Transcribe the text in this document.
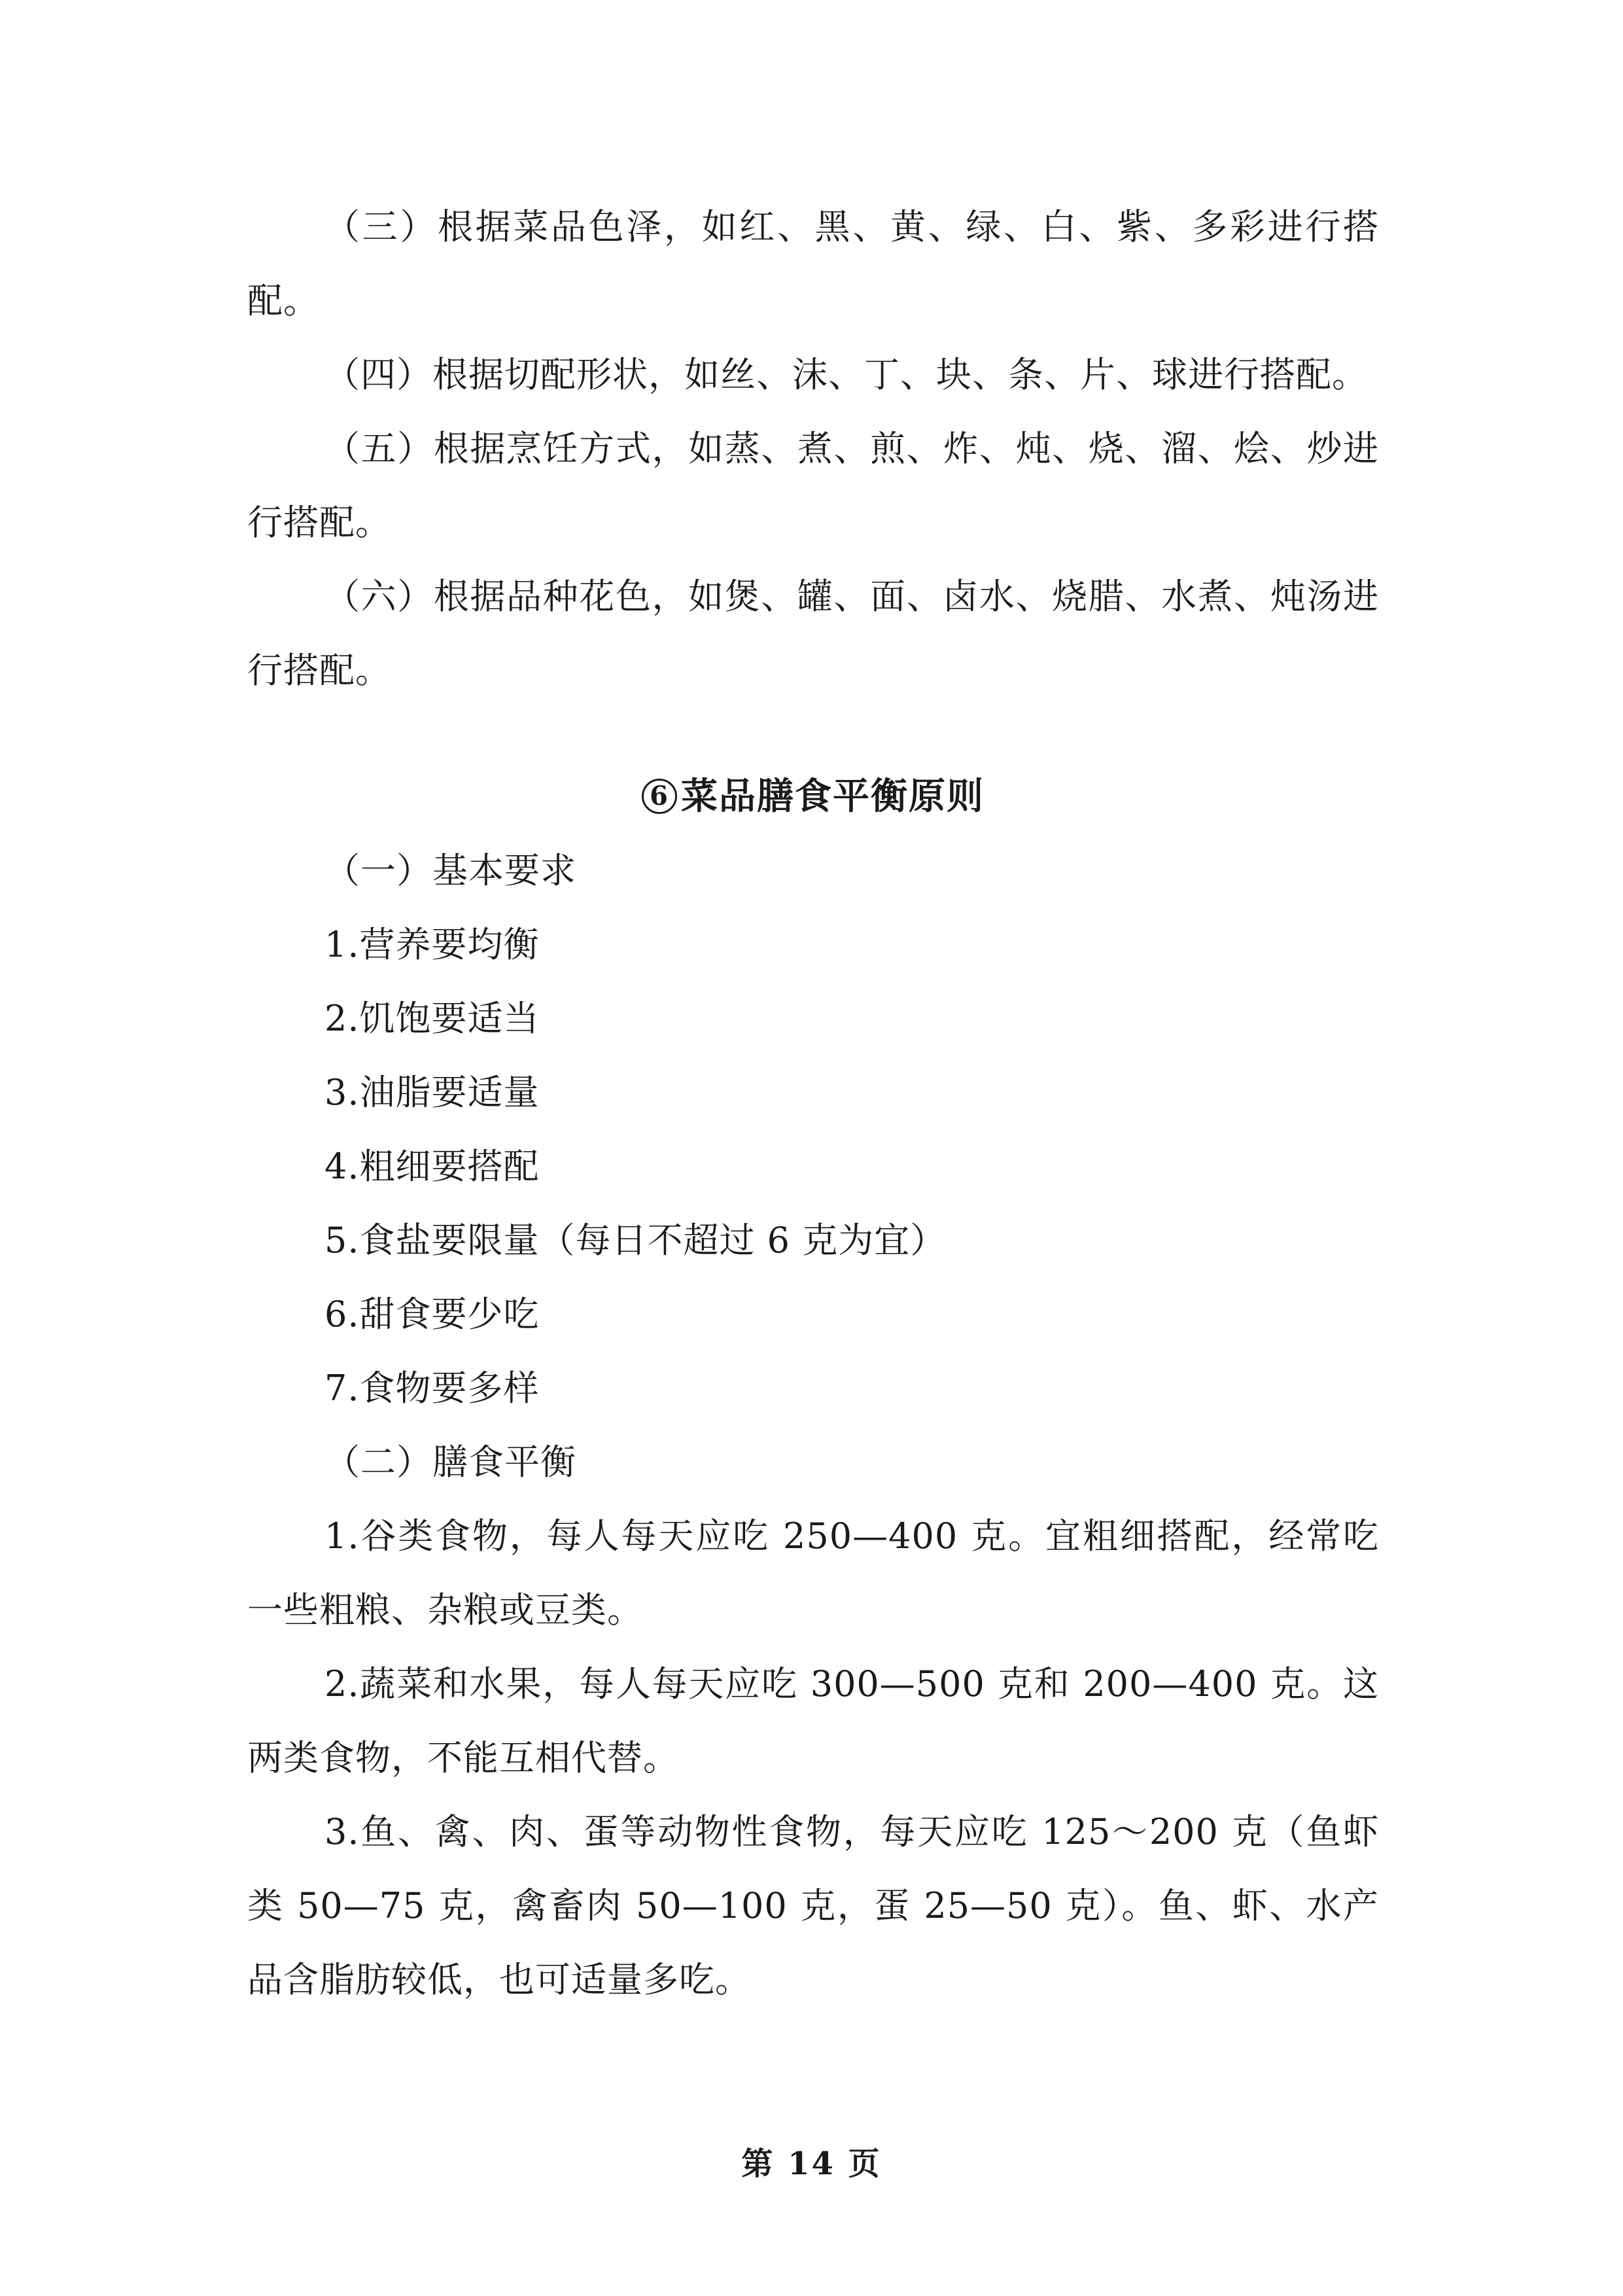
（三）根据菜品色泽，如红、黑、黄、绿、白、紫、多彩进行搭配。

（四）根据切配形状，如丝、沫、丁、块、条、片、球进行搭配。

（五）根据烹饪方式，如蒸、煮、煎、炸、炖、烧、溜、烩、炒进行搭配。

（六）根据品种花色，如煲、罐、面、卤水、烧腊、水煮、炖汤进行搭配。

6 菜品膳食平衡原则

（一）基本要求

1.营养要均衡

2.饥饱要适当

3.油脂要适量

4.粗细要搭配

5.食盐要限量（每日不超过 6 克为宜）

6.甜食要少吃

7.食物要多样

（二）膳食平衡

1.谷类食物，每人每天应吃 250—400 克。宜粗细搭配，经常吃一些粗粮、杂粮或豆类。

2.蔬菜和水果，每人每天应吃 300—500 克和 200—400 克。这两类食物，不能互相代替。

3.鱼、禽、肉、蛋等动物性食物，每天应吃 125～200 克（鱼虾类 50—75 克，禽畜肉 50—100 克，蛋 25—50 克）。鱼、虾、水产品含脂肪较低，也可适量多吃。

第 14 页
